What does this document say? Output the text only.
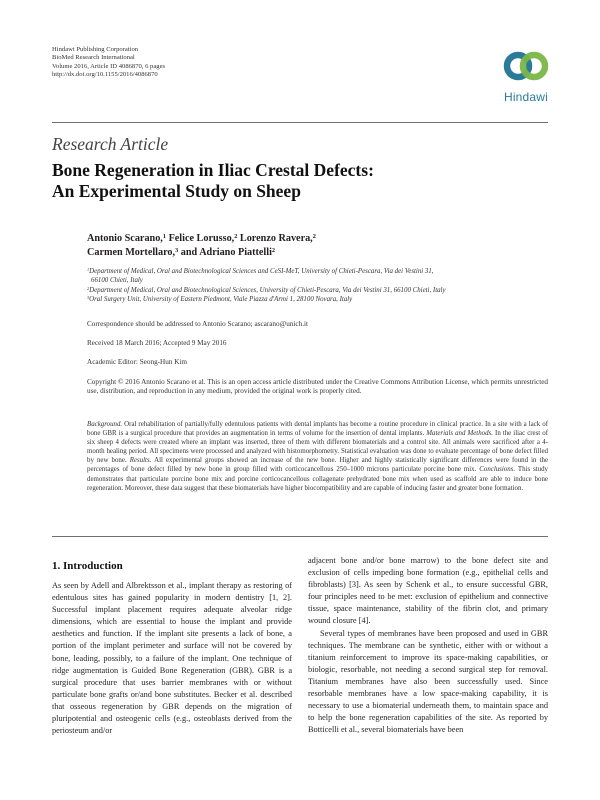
Hindawi Publishing Corporation
BioMed Research International
Volume 2016, Article ID 4086870, 6 pages
http://dx.doi.org/10.1155/2016/4086870
Hindawi
Research Article
Bone Regeneration in Iliac Crestal Defects:
An Experimental Study on Sheep
Antonio Scarano,$^1$ Felice Lorusso,$^2$ Lorenzo Ravera,$^2$
Carmen Mortellaro,$^3$ and Adriano Piattelli$^2$
$^1$Department of Medical, Oral and Biotechnological Sciences and CeSI-MeT, University of Chieti-Pescara, Via dei Vestini 31,
66100 Chieti, Italy
$^2$Department of Medical, Oral and Biotechnological Sciences, University of Chieti-Pescara, Via dei Vestini 31, 66100 Chieti, Italy
$^3$Oral Surgery Unit, University of Eastern Piedmont, Viale Piazza d'Armi 1, 28100 Novara, Italy
Correspondence should be addressed to Antonio Scarano; ascarano@unich.it
Received 18 March 2016; Accepted 9 May 2016
Academic Editor: Seong-Hun Kim
Copyright © 2016 Antonio Scarano et al. This is an open access article distributed under the Creative Commons Attribution License, which permits unrestricted use, distribution, and reproduction in any medium, provided the original work is properly cited.
Background. Oral rehabilitation of partially/fully edentulous patients with dental implants has become a routine procedure in clinical practice. In a site with a lack of bone GBR is a surgical procedure that provides an augmentation in terms of volume for the insertion of dental implants. Materials and Methods. In the iliac crest of six sheep 4 defects were created where an implant was inserted, three of them with different biomaterials and a control site. All animals were sacrificed after a 4-month healing period. All specimens were processed and analyzed with histomorphometry. Statistical evaluation was done to evaluate percentage of bone defect filled by new bone. Results. All experimental groups showed an increase of the new bone. Higher and highly statistically significant differences were found in the percentages of bone defect filled by new bone in group filled with corticocancellous 250–1000 microns particulate porcine bone mix. Conclusions. This study demonstrates that particulate porcine bone mix and porcine corticocancellous collagenate prehydrated bone mix when used as scaffold are able to induce bone regeneration. Moreover, these data suggest that these biomaterials have higher biocompatibility and are capable of inducing faster and greater bone formation.
1. Introduction

As seen by Adell and Albrektsson et al., implant therapy as restoring of edentulous sites has gained popularity in modern dentistry [1, 2]. Successful implant placement requires adequate alveolar ridge dimensions, which are essential to house the implant and provide aesthetics and function. If the implant site presents a lack of bone, a portion of the implant perimeter and surface will not be covered by bone, leading, possibly, to a failure of the implant. One technique of ridge augmentation is Guided Bone Regeneration (GBR). GBR is a surgical procedure that uses barrier membranes with or without particulate bone grafts or/and bone substitutes. Becker et al. described that osseous regeneration by GBR depends on the migration of pluripotential and osteogenic cells (e.g., osteoblasts derived from the periosteum and/or

adjacent bone and/or bone marrow) to the bone defect site and exclusion of cells impeding bone formation (e.g., epithelial cells and fibroblasts) [3]. As seen by Schenk et al., to ensure successful GBR, four principles need to be met: exclusion of epithelium and connective tissue, space maintenance, stability of the fibrin clot, and primary wound closure [4].

Several types of membranes have been proposed and used in GBR techniques. The membrane can be synthetic, either with or without a titanium reinforcement to improve its space-making capabilities, or biologic, resorbable, not needing a second surgical step for removal. Titanium membranes have also been successfully used. Since resorbable membranes have a low space-making capability, it is necessary to use a biomaterial underneath them, to maintain space and to help the bone regeneration capabilities of the site. As reported by Botticelli et al., several biomaterials have been
